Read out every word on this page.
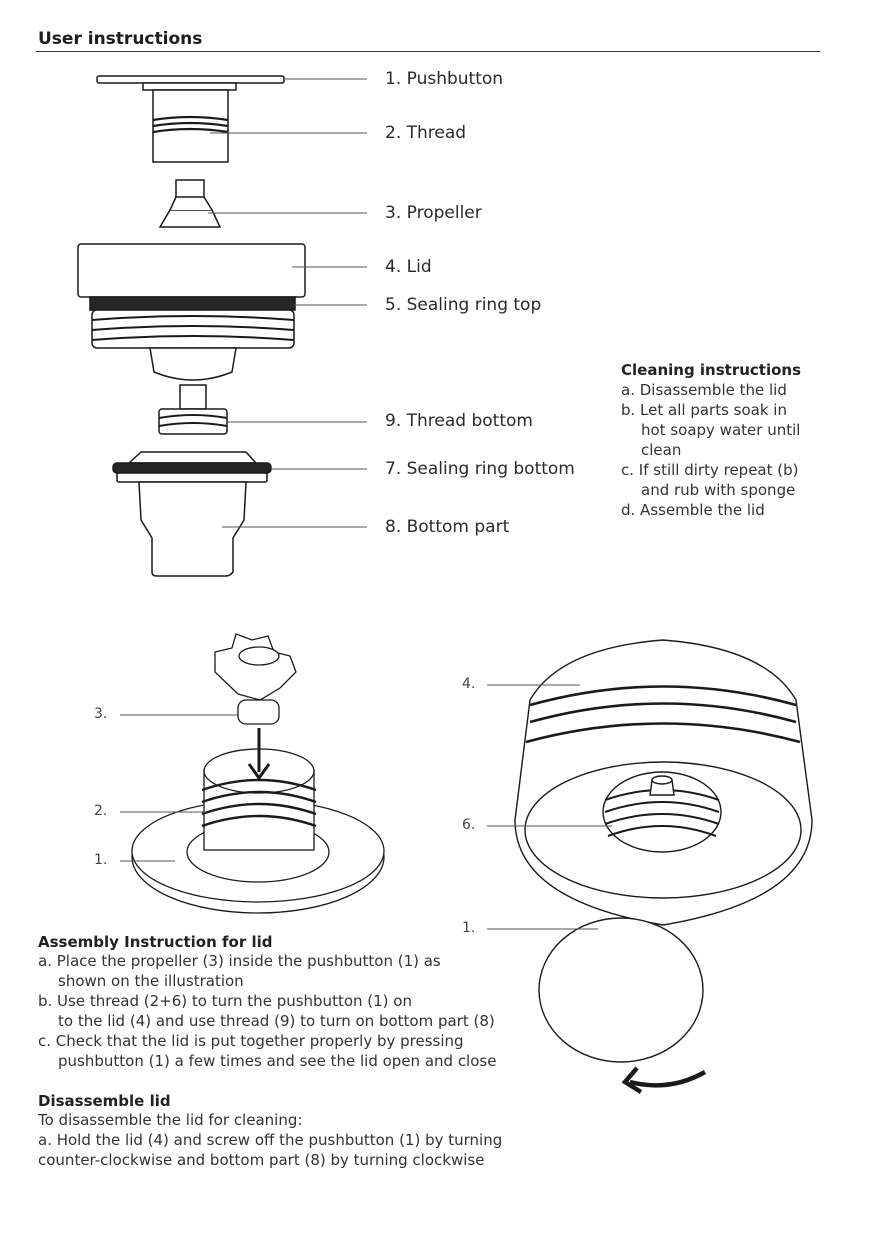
User instructions
1. Pushbutton
2. Thread
3. Propeller
4. Lid
5. Sealing ring top
9. Thread bottom
7. Sealing ring bottom
8. Bottom part
Cleaning instructions
a. Disassemble the lid
b. Let all parts soak in
hot soapy water until
clean
c. If still dirty repeat (b)
and rub with sponge
d. Assemble the lid
3.
2.
1.
4.
6.
1.
Assembly Instruction for lid
a. Place the propeller (3) inside the pushbutton (1) as
shown on the illustration
b. Use thread (2+6) to turn the pushbutton (1) on
to the lid (4) and use thread (9) to turn on bottom part (8)
c. Check that the lid is put together properly by pressing
pushbutton (1) a few times and see the lid open and close
Disassemble lid
To disassemble the lid for cleaning:
a. Hold the lid (4) and screw off the pushbutton (1) by turning
counter-clockwise and bottom part (8) by turning clockwise
